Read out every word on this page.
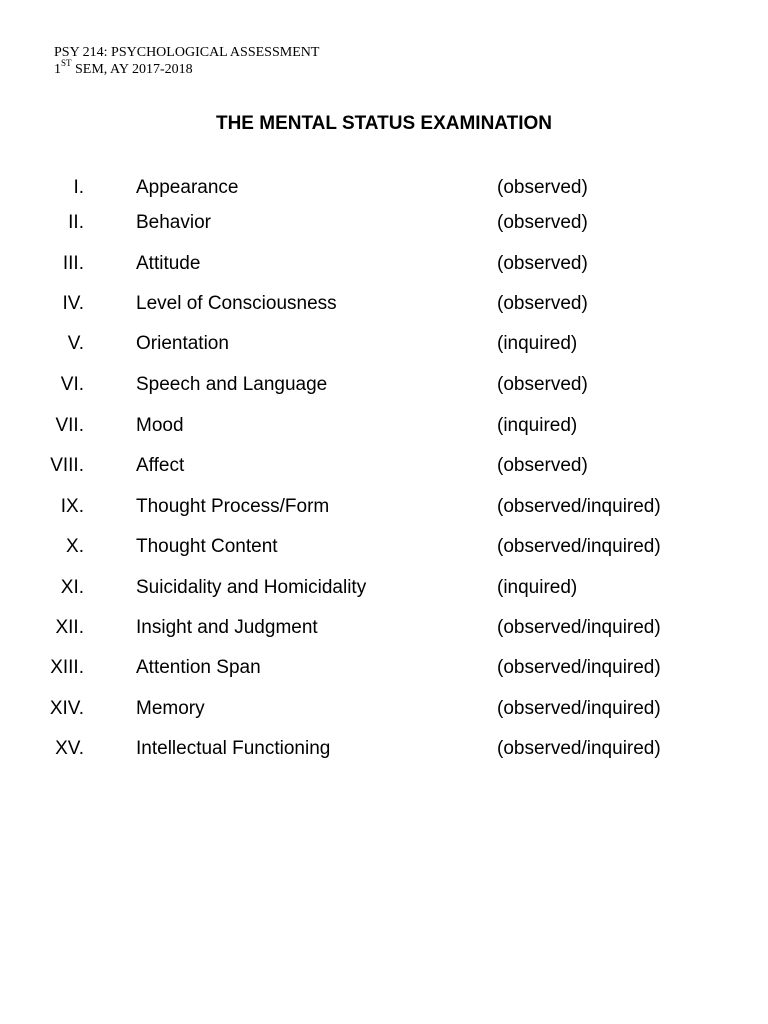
PSY 214: PSYCHOLOGICAL ASSESSMENT
1ST SEM, AY 2017-2018
THE MENTAL STATUS EXAMINATION
I.	Appearance	(observed)
II.	Behavior	(observed)
III.	Attitude	(observed)
IV.	Level of Consciousness	(observed)
V.	Orientation	(inquired)
VI.	Speech and Language	(observed)
VII.	Mood	(inquired)
VIII.	Affect	(observed)
IX.	Thought Process/Form	(observed/inquired)
X.	Thought Content	(observed/inquired)
XI.	Suicidality and Homicidality	(inquired)
XII.	Insight and Judgment	(observed/inquired)
XIII.	Attention Span	(observed/inquired)
XIV.	Memory	(observed/inquired)
XV.	Intellectual Functioning	(observed/inquired)
